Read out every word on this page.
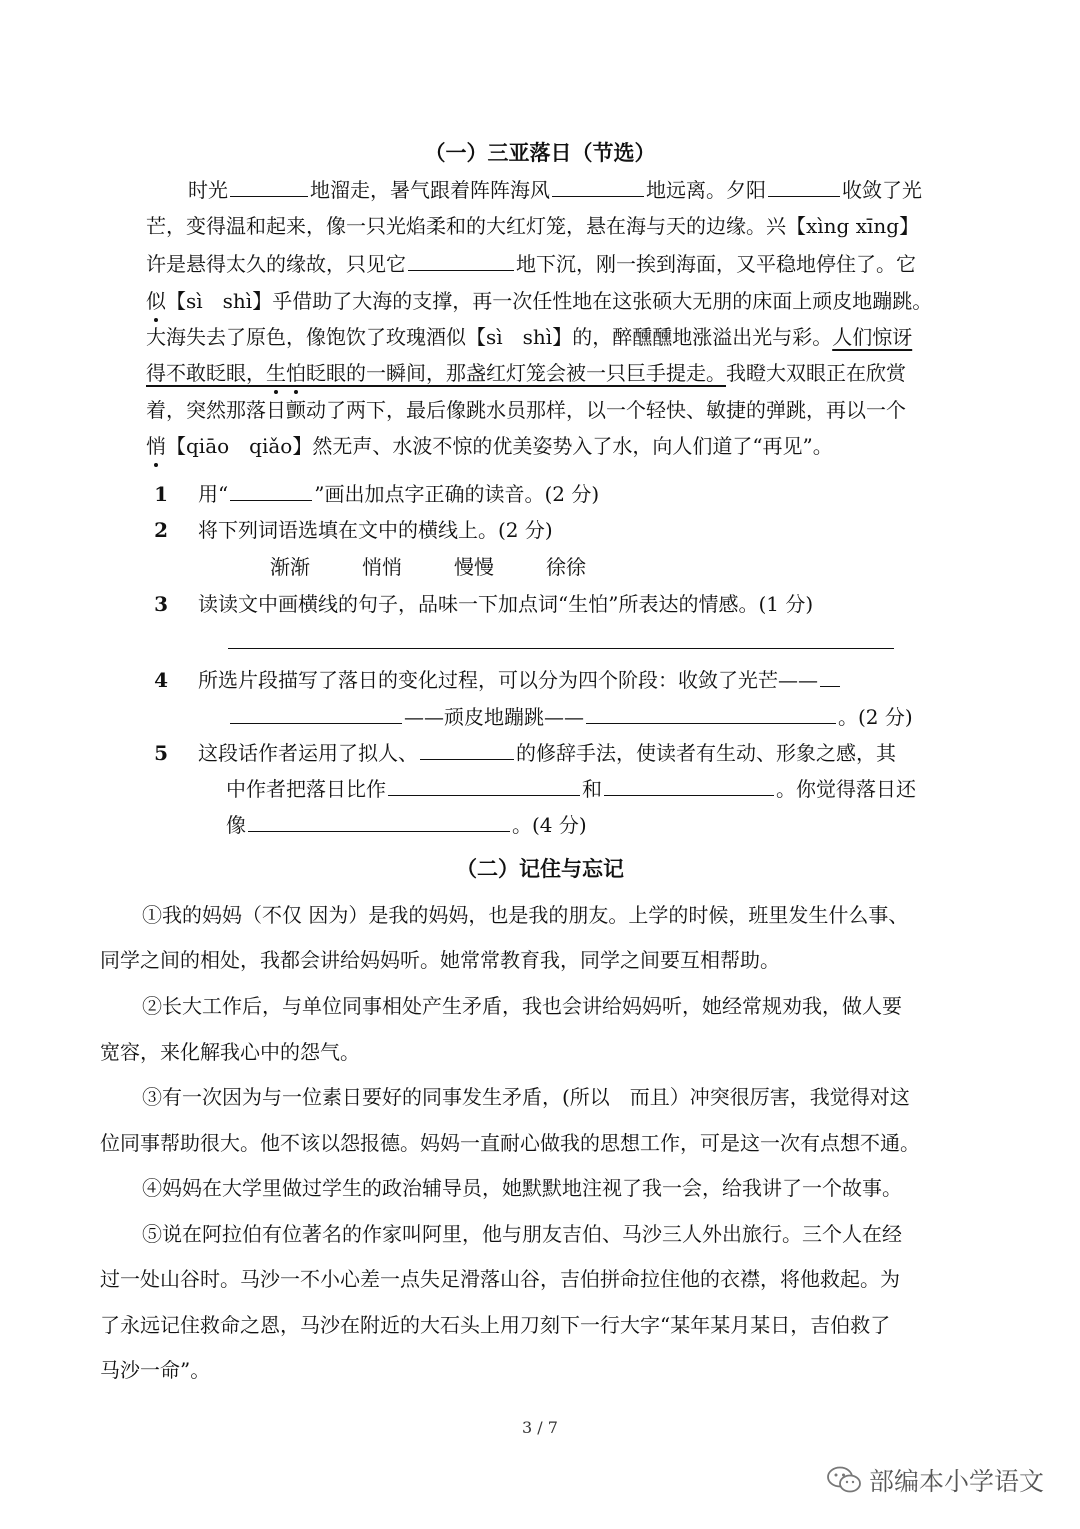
（一）三亚落日（节选）
时光	地溜走，暑气跟着阵阵海风	地远离。夕阳	收敛了光
芒，变得温和起来，像一只光焰柔和的大红灯笼，悬在海与天的边缘。兴【xìng xīng】
许是悬得太久的缘故，只见它	地下沉，刚一挨到海面，又平稳地停住了。它
似【sì　shì】乎借助了大海的支撑，再一次任性地在这张硕大无朋的床面上顽皮地蹦跳。
大海失去了原色，像饱饮了玫瑰酒似【sì　shì】的，醉醺醺地涨溢出光与彩。人们惊讶
得不敢眨眼，生怕眨眼的一瞬间，那盏红灯笼会被一只巨手提走。我瞪大双眼正在欣赏
着，突然那落日颤动了两下，最后像跳水员那样，以一个轻快、敏捷的弹跳，再以一个
悄【qiāo　qiǎo】然无声、水波不惊的优美姿势入了水，向人们道了“再见”。
1 用“	”画出加点字正确的读音。(2 分)
2 将下列词语选填在文中的横线上。(2 分)
渐渐	悄悄	慢慢	徐徐
3 读读文中画横线的句子，品味一下加点词“生怕”所表达的情感。(1 分)
4 所选片段描写了落日的变化过程，可以分为四个阶段：收敛了光芒——
——顽皮地蹦跳——	。(2 分)
5 这段话作者运用了拟人、	的修辞手法，使读者有生动、形象之感，其
中作者把落日比作	和	。你觉得落日还
像	。(4 分)
（二）记住与忘记
①我的妈妈（不仅 因为）是我的妈妈，也是我的朋友。上学的时候，班里发生什么事、
同学之间的相处，我都会讲给妈妈听。她常常教育我，同学之间要互相帮助。
②长大工作后，与单位同事相处产生矛盾，我也会讲给妈妈听，她经常规劝我，做人要
宽容，来化解我心中的怨气。
③有一次因为与一位素日要好的同事发生矛盾，(所以　而且）冲突很厉害，我觉得对这
位同事帮助很大。他不该以怨报德。妈妈一直耐心做我的思想工作，可是这一次有点想不通。
④妈妈在大学里做过学生的政治辅导员，她默默地注视了我一会，给我讲了一个故事。
⑤说在阿拉伯有位著名的作家叫阿里，他与朋友吉伯、马沙三人外出旅行。三个人在经
过一处山谷时。马沙一不小心差一点失足滑落山谷，吉伯拼命拉住他的衣襟，将他救起。为
了永远记住救命之恩，马沙在附近的大石头上用刀刻下一行大字“某年某月某日，吉伯救了
马沙一命”。
3 / 7
部编本小学语文
